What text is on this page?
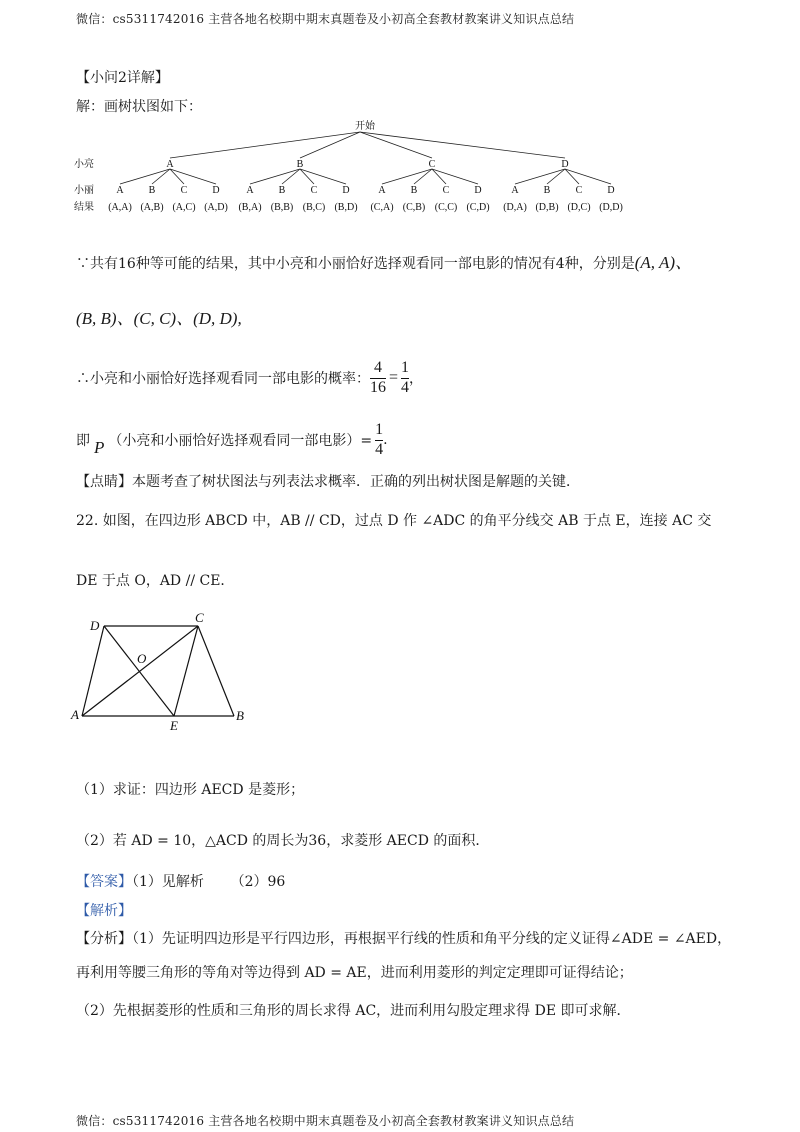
微信：cs5311742016 主营各地名校期中期末真题卷及小初高全套教材教案讲义知识点总结
【小问2详解】
解：画树状图如下：
开始
小亮
小丽
结果
A	B	C	D
A	B	C	D	A	B	C	D	A	B	C	D	A	B	C	D
(A,A) (A,B) (A,C) (A,D) (B,A) (B,B) (B,C) (B,D) (C,A) (C,B) (C,C) (C,D) (D,A) (D,B) (D,C) (D,D)
∵共有16种等可能的结果，其中小亮和小丽恰好选择观看同一部电影的情况有4种，分别是(A, A)、
(B, B)、(C, C)、(D, D),
∴小亮和小丽恰好选择观看同一部电影的概率： $\frac{4}{16} = \frac{1}{4}$ ，
即 P （小亮和小丽恰好选择观看同一部电影）= $\frac{1}{4}$ .
【点睛】本题考查了树状图法与列表法求概率．正确的列出树状图是解题的关键．
22. 如图，在四边形 ABCD 中，AB // CD，过点 D 作 ∠ADC 的角平分线交 AB 于点 E，连接 AC 交
DE 于点 O，AD // CE．
D
C
O
A
E
B
（1）求证：四边形 AECD 是菱形；
（2）若 AD = 10，△ACD 的周长为36，求菱形 AECD 的面积．
【答案】（1）见解析      （2）96
【解析】
【分析】（1）先证明四边形是平行四边形，再根据平行线的性质和角平分线的定义证得∠ADE = ∠AED，
再利用等腰三角形的等角对等边得到 AD = AE，进而利用菱形的判定定理即可证得结论；
（2）先根据菱形的性质和三角形的周长求得 AC，进而利用勾股定理求得 DE 即可求解．
微信：cs5311742016 主营各地名校期中期末真题卷及小初高全套教材教案讲义知识点总结
